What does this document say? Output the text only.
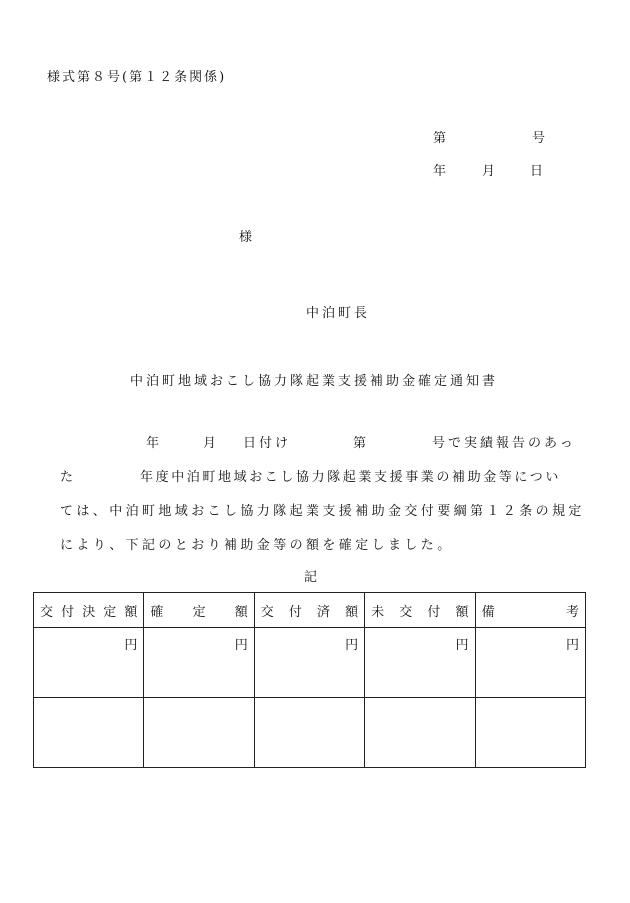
様式第８号(第１２条関係)
第	号
年	月	日
様
中泊町長
中泊町地域おこし協力隊起業支援補助金確定通知書
年	月 日付け	第	号で実績報告のあっ
た	年度中泊町地域おこし協力隊起業支援事業の補助金等につい
ては、中泊町地域おこし協力隊起業支援補助金交付要綱第１２条の規定
により、下記のとおり補助金等の額を確定しました。
記
交 付 決 定 額	確 定 額	交 付 済 額	未 交 付 額	備 考

円	円	円	円	円
